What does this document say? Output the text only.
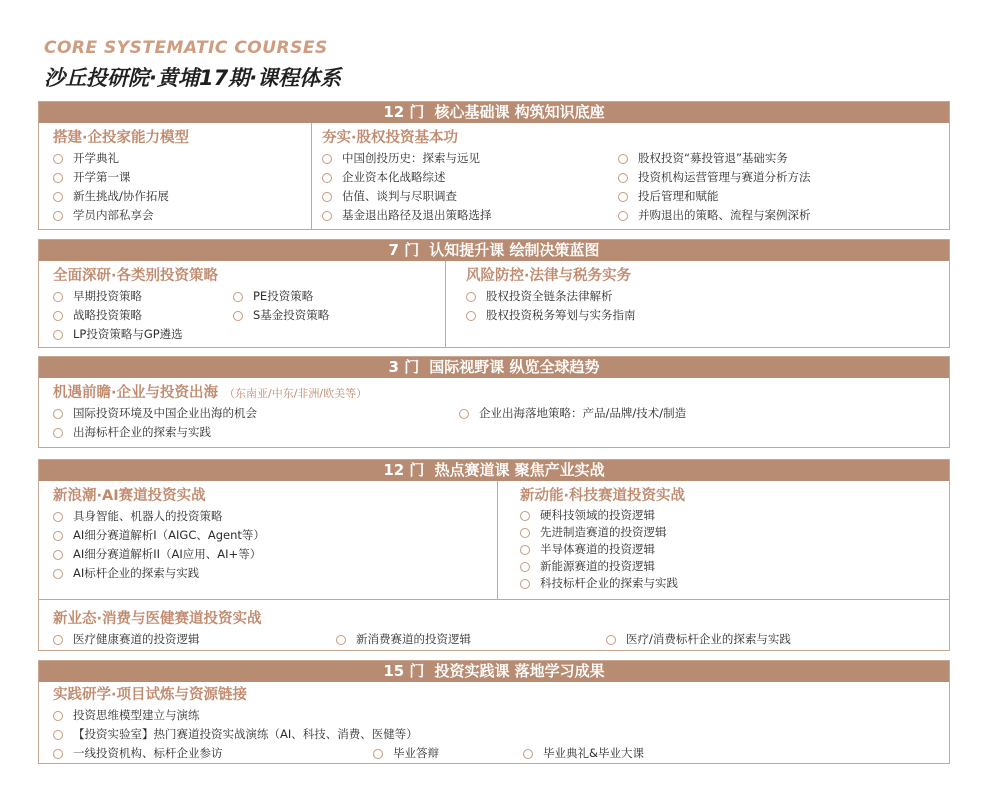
CORE SYSTEMATIC COURSES
沙丘投研院·黄埔17期·课程体系
12 门 核心基础课 构筑知识底座
搭建·企投家能力模型
开学典礼
开学第一课
新生挑战/协作拓展
学员内部私享会
夯实·股权投资基本功
中国创投历史：探索与远见	股权投资“募投管退”基础实务
企业资本化战略综述	投资机构运营管理与赛道分析方法
估值、谈判与尽职调查	投后管理和赋能
基金退出路径及退出策略选择	并购退出的策略、流程与案例深析
7 门 认知提升课 绘制决策蓝图
全面深研·各类别投资策略
早期投资策略	PE投资策略
战略投资策略	S基金投资策略
LP投资策略与GP遴选
风险防控·法律与税务实务
股权投资全链条法律解析
股权投资税务筹划与实务指南
3 门 国际视野课 纵览全球趋势
机遇前瞻·企业与投资出海 （东南亚/中东/非洲/欧美等）
国际投资环境及中国企业出海的机会	企业出海落地策略：产品/品牌/技术/制造
出海标杆企业的探索与实践
12 门 热点赛道课 聚焦产业实战
新浪潮·AI赛道投资实战
具身智能、机器人的投资策略
AI细分赛道解析I（AIGC、Agent等）
AI细分赛道解析II（AI应用、AI+等）
AI标杆企业的探索与实践
新动能·科技赛道投资实战
硬科技领域的投资逻辑
先进制造赛道的投资逻辑
半导体赛道的投资逻辑
新能源赛道的投资逻辑
科技标杆企业的探索与实践
新业态·消费与医健赛道投资实战
医疗健康赛道的投资逻辑	新消费赛道的投资逻辑	医疗/消费标杆企业的探索与实践
15 门 投资实践课 落地学习成果
实践研学·项目试炼与资源链接
投资思维模型建立与演练
【投资实验室】热门赛道投资实战演练（AI、科技、消费、医健等）
一线投资机构、标杆企业参访	毕业答辩	毕业典礼&毕业大课
